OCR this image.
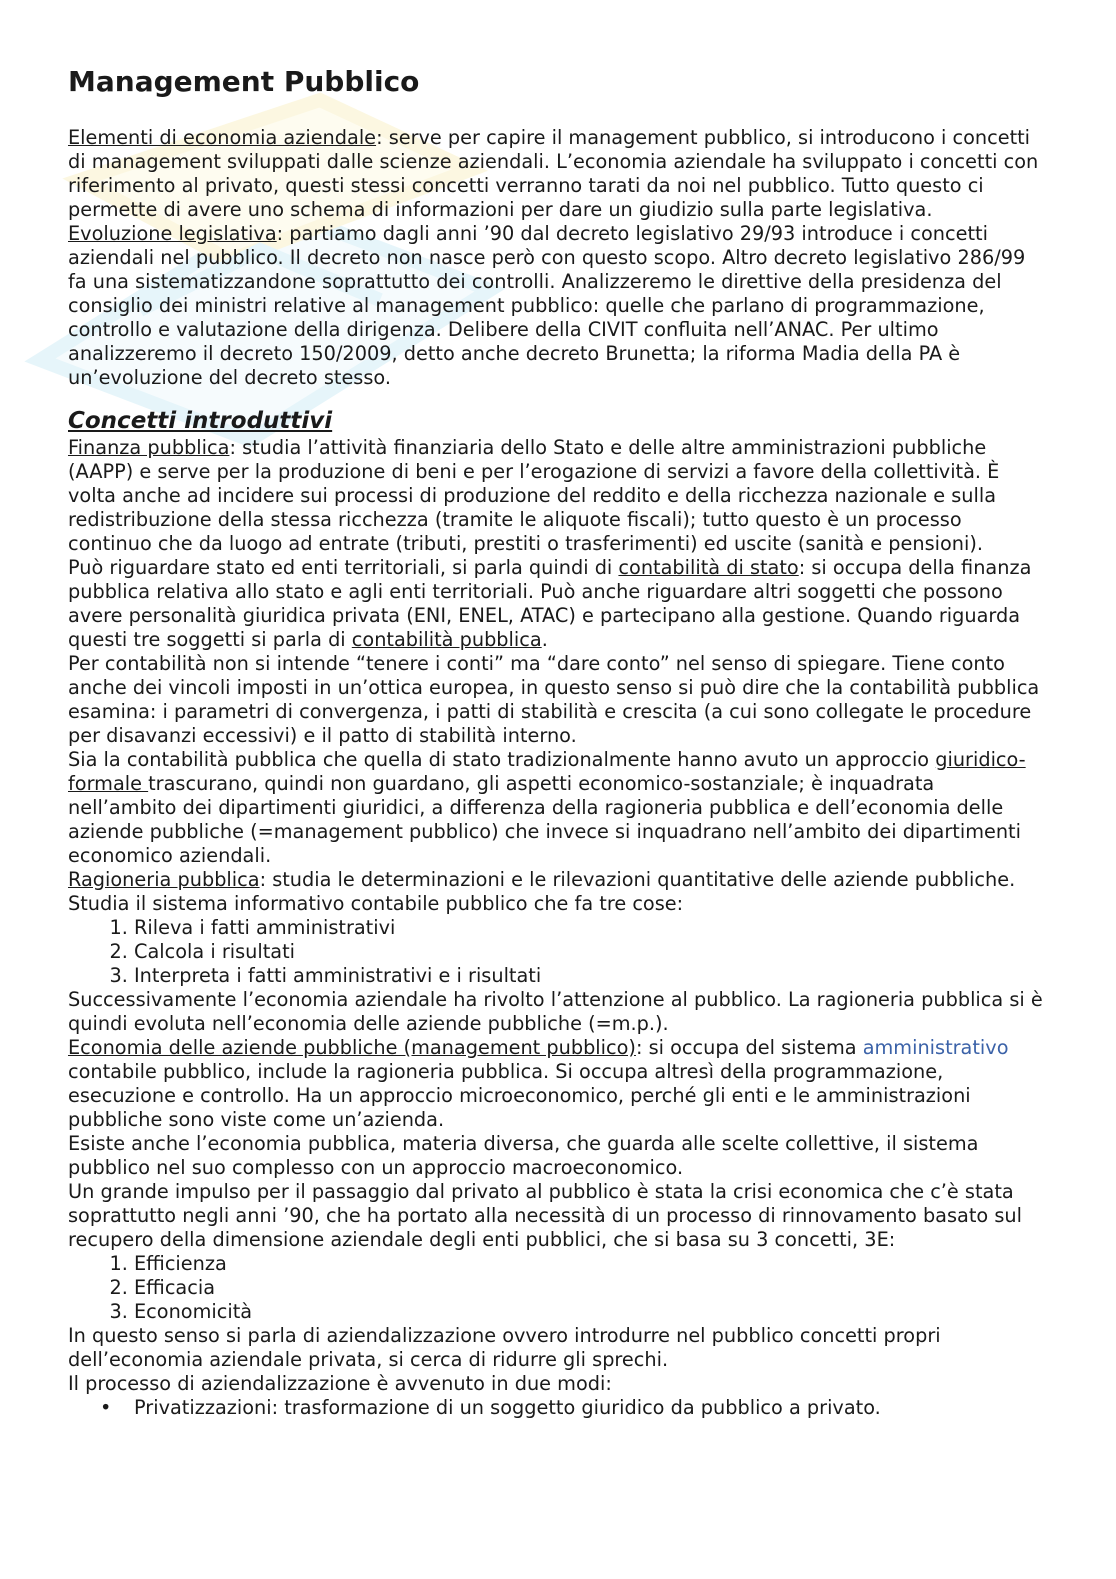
Management Pubblico

Elementi di economia aziendale: serve per capire il management pubblico, si introducono i concetti di management sviluppati dalle scienze aziendali. L’economia aziendale ha sviluppato i concetti con riferimento al privato, questi stessi concetti verranno tarati da noi nel pubblico. Tutto questo ci permette di avere uno schema di informazioni per dare un giudizio sulla parte legislativa.

Evoluzione legislativa: partiamo dagli anni ’90 dal decreto legislativo 29/93 introduce i concetti aziendali nel pubblico. Il decreto non nasce però con questo scopo. Altro decreto legislativo 286/99 fa una sistematizzandone soprattutto dei controlli. Analizzeremo le direttive della presidenza del consiglio dei ministri relative al management pubblico: quelle che parlano di programmazione, controllo e valutazione della dirigenza. Delibere della CIVIT confluita nell’ANAC. Per ultimo analizzeremo il decreto 150/2009, detto anche decreto Brunetta; la riforma Madia della PA è un’evoluzione del decreto stesso.

Concetti introduttivi

Finanza pubblica: studia l’attività finanziaria dello Stato e delle altre amministrazioni pubbliche (AAPP) e serve per la produzione di beni e per l’erogazione di servizi a favore della collettività. È volta anche ad incidere sui processi di produzione del reddito e della ricchezza nazionale e sulla redistribuzione della stessa ricchezza (tramite le aliquote fiscali); tutto questo è un processo continuo che da luogo ad entrate (tributi, prestiti o trasferimenti) ed uscite (sanità e pensioni).

Può riguardare stato ed enti territoriali, si parla quindi di contabilità di stato: si occupa della finanza pubblica relativa allo stato e agli enti territoriali. Può anche riguardare altri soggetti che possono avere personalità giuridica privata (ENI, ENEL, ATAC) e partecipano alla gestione. Quando riguarda questi tre soggetti si parla di contabilità pubblica.

Per contabilità non si intende “tenere i conti” ma “dare conto” nel senso di spiegare. Tiene conto anche dei vincoli imposti in un’ottica europea, in questo senso si può dire che la contabilità pubblica esamina: i parametri di convergenza, i patti di stabilità e crescita (a cui sono collegate le procedure per disavanzi eccessivi) e il patto di stabilità interno.

Sia la contabilità pubblica che quella di stato tradizionalmente hanno avuto un approccio giuridico-formale trascurano, quindi non guardano, gli aspetti economico-sostanziale; è inquadrata nell’ambito dei dipartimenti giuridici, a differenza della ragioneria pubblica e dell’economia delle aziende pubbliche (=management pubblico) che invece si inquadrano nell’ambito dei dipartimenti economico aziendali.

Ragioneria pubblica: studia le determinazioni e le rilevazioni quantitative delle aziende pubbliche. Studia il sistema informativo contabile pubblico che fa tre cose:

1. Rileva i fatti amministrativi
2. Calcola i risultati
3. Interpreta i fatti amministrativi e i risultati

Successivamente l’economia aziendale ha rivolto l’attenzione al pubblico. La ragioneria pubblica si è quindi evoluta nell’economia delle aziende pubbliche (=m.p.).

Economia delle aziende pubbliche (management pubblico): si occupa del sistema amministrativo contabile pubblico, include la ragioneria pubblica. Si occupa altresì della programmazione, esecuzione e controllo. Ha un approccio microeconomico, perché gli enti e le amministrazioni pubbliche sono viste come un’azienda.

Esiste anche l’economia pubblica, materia diversa, che guarda alle scelte collettive, il sistema pubblico nel suo complesso con un approccio macroeconomico.

Un grande impulso per il passaggio dal privato al pubblico è stata la crisi economica che c’è stata soprattutto negli anni ’90, che ha portato alla necessità di un processo di rinnovamento basato sul recupero della dimensione aziendale degli enti pubblici, che si basa su 3 concetti, 3E:

1. Efficienza
2. Efficacia
3. Economicità

In questo senso si parla di aziendalizzazione ovvero introdurre nel pubblico concetti propri dell’economia aziendale privata, si cerca di ridurre gli sprechi.

Il processo di aziendalizzazione è avvenuto in due modi:

• Privatizzazioni: trasformazione di un soggetto giuridico da pubblico a privato.
